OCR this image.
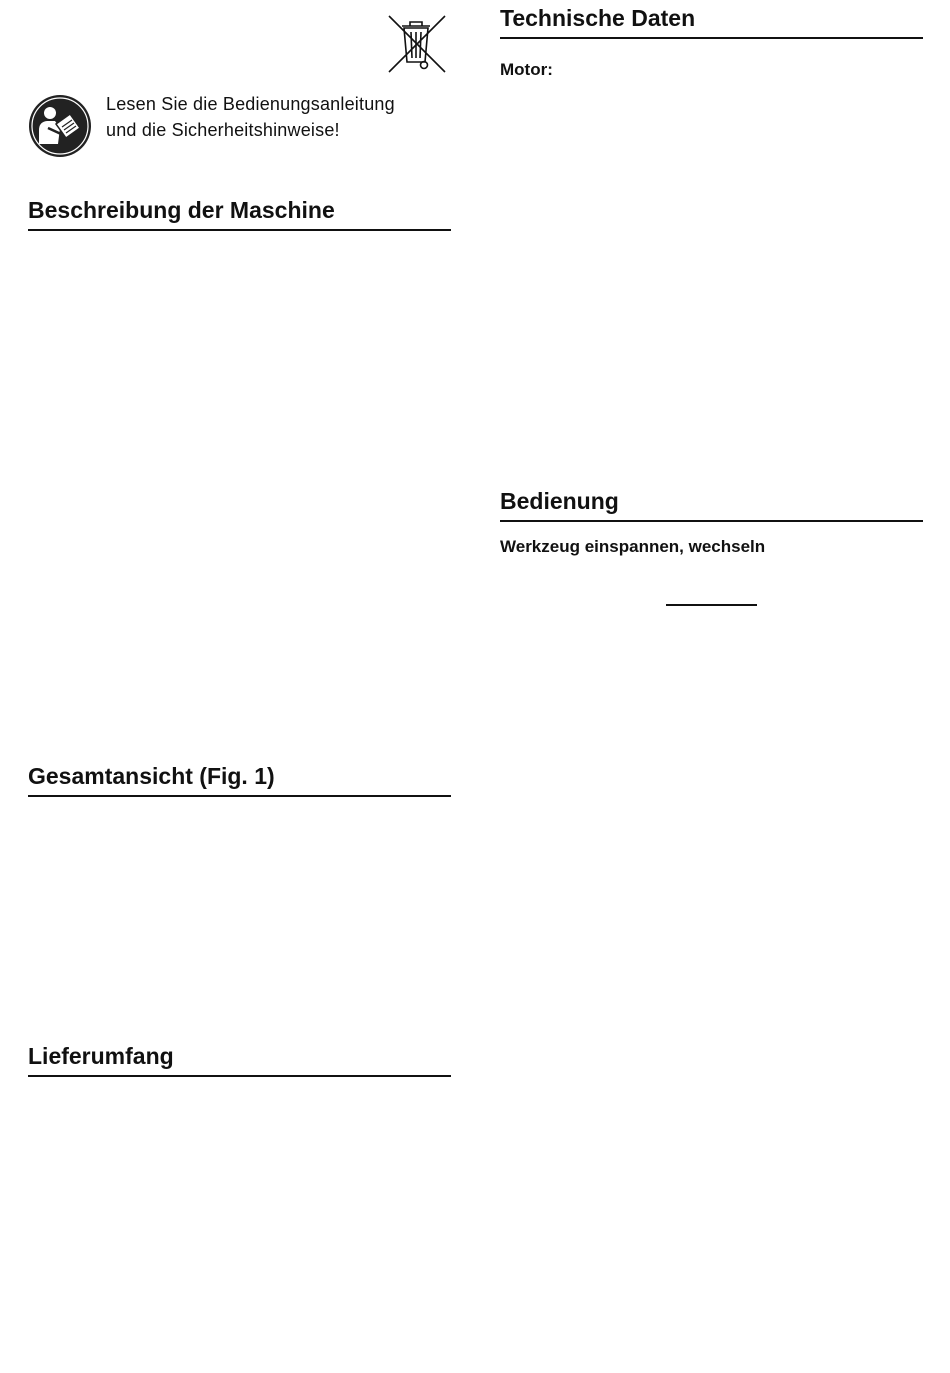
Lesen Sie die Bedienungsanleitung
und die Sicherheitshinweise!
Beschreibung der Maschine
Gesamtansicht (Fig. 1)
Lieferumfang
Technische Daten
Motor:
Bedienung
Werkzeug einspannen, wechseln
